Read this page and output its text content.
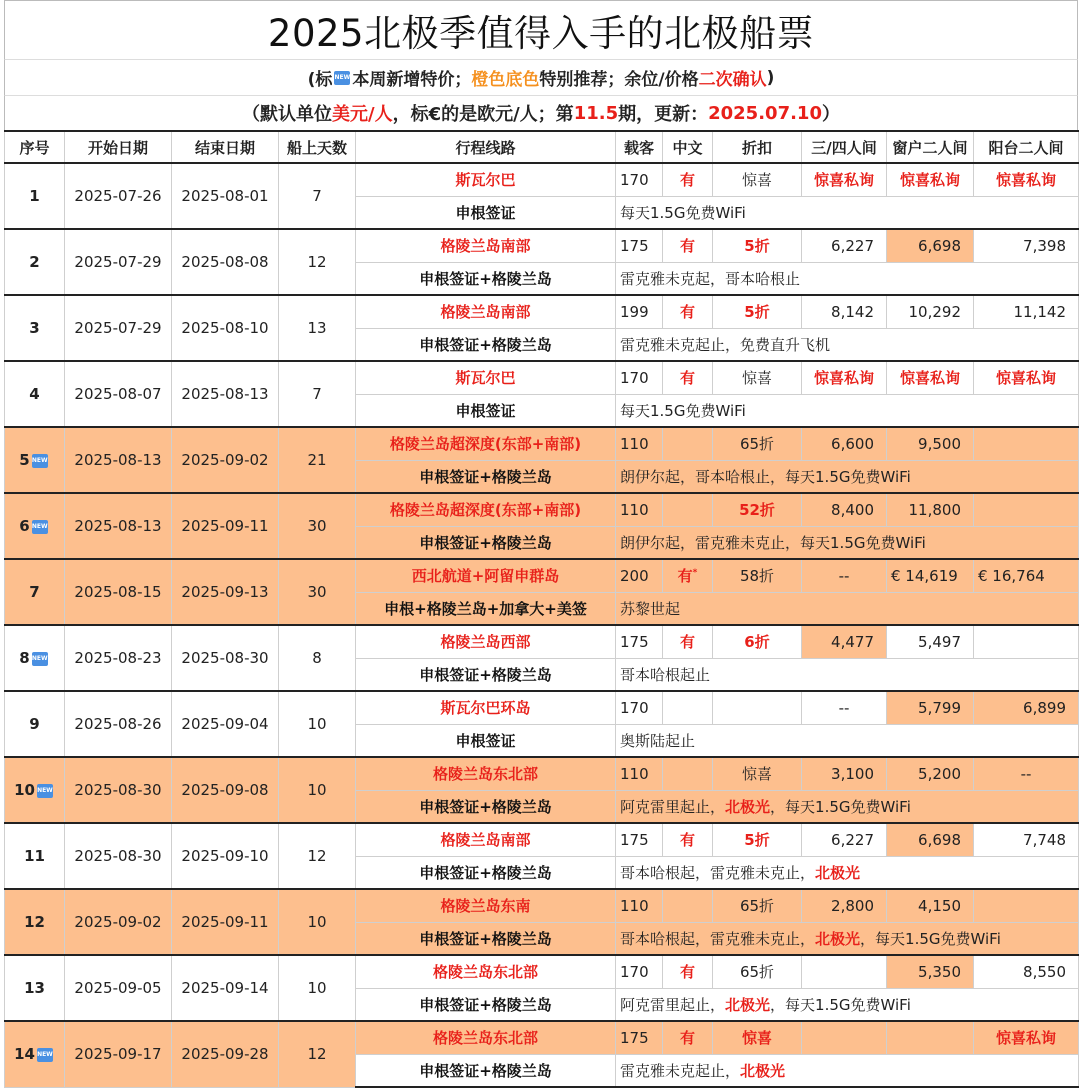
2025北极季值得入手的北极船票
(标 NEW 本周新增特价； 橙色底色 特别推荐；余位/价格 二次确认 )
（默认单位 美元/人 ，标€的是欧元/人；第 11.5 期，更新： 2025.07.10 ）
序号	开始日期	结束日期	船上天数	行程线路	载客	中文	折扣	三/四人间	窗户二人间	阳台二人间
1	2025-07-26	2025-08-01	7	斯瓦尔巴	170	有	惊喜	惊喜私询	惊喜私询	惊喜私询
				申根签证	每天1.5G免费WiFi					
2	2025-07-29	2025-08-08	12	格陵兰岛南部	175	有	5折	6,227	6,698	7,398
				申根签证+格陵兰岛	雷克雅未克起，哥本哈根止					
3	2025-07-29	2025-08-10	13	格陵兰岛南部	199	有	5折	8,142	10,292	11,142
				申根签证+格陵兰岛	雷克雅未克起止，免费直升飞机					
4	2025-08-07	2025-08-13	7	斯瓦尔巴	170	有	惊喜	惊喜私询	惊喜私询	惊喜私询
				申根签证	每天1.5G免费WiFi					
5 NEW	2025-08-13	2025-09-02	21	格陵兰岛超深度(东部+南部)	110		65折	6,600	9,500	
				申根签证+格陵兰岛	朗伊尔起，哥本哈根止，每天1.5G免费WiFi					
6 NEW	2025-08-13	2025-09-11	30	格陵兰岛超深度(东部+南部)	110		52折	8,400	11,800	
				申根签证+格陵兰岛	朗伊尔起，雷克雅未克止，每天1.5G免费WiFi					
7	2025-08-15	2025-09-13	30	西北航道+阿留申群岛	200	有*	58折	--	€ 14,619	€ 16,764
				申根+格陵兰岛+加拿大+美签	苏黎世起					
8 NEW	2025-08-23	2025-08-30	8	格陵兰岛西部	175	有	6折	4,477	5,497	
				申根签证+格陵兰岛	哥本哈根起止					
9	2025-08-26	2025-09-04	10	斯瓦尔巴环岛	170			--	5,799	6,899
				申根签证	奥斯陆起止					
10 NEW	2025-08-30	2025-09-08	10	格陵兰岛东北部	110		惊喜	3,100	5,200	--
				申根签证+格陵兰岛	阿克雷里起止，北极光，每天1.5G免费WiFi					
11	2025-08-30	2025-09-10	12	格陵兰岛南部	175	有	5折	6,227	6,698	7,748
				申根签证+格陵兰岛	哥本哈根起，雷克雅未克止，北极光					
12	2025-09-02	2025-09-11	10	格陵兰岛东南	110		65折	2,800	4,150	
				申根签证+格陵兰岛	哥本哈根起，雷克雅未克止，北极光，每天1.5G免费WiFi					
13	2025-09-05	2025-09-14	10	格陵兰岛东北部	170	有	65折		5,350	8,550
				申根签证+格陵兰岛	阿克雷里起止，北极光，每天1.5G免费WiFi					
14 NEW	2025-09-17	2025-09-28	12	格陵兰岛东北部	175	有	惊喜			惊喜私询
				申根签证+格陵兰岛	雷克雅未克起止，北极光					
